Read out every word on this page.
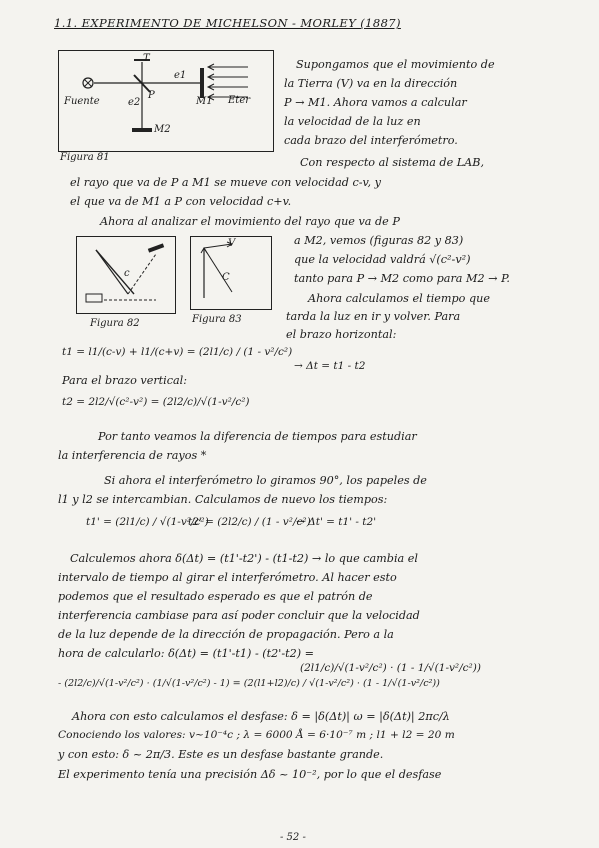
1.1. EXPERIMENTO DE MICHELSON - MORLEY (1887)
T
P
e1
e2	M1
M2
Fuente	Eter
Figura 81
Supongamos que el movimiento de
la Tierra (V) va en la dirección
P → M1. Ahora vamos a calcular
la velocidad de la luz en
cada brazo del interferómetro.
Con respecto al sistema de LAB,
el rayo que va de P a M1 se mueve con velocidad c-v, y
el que va de M1 a P con velocidad c+v.
Ahora al analizar el movimiento del rayo que va de P
c
Figura 82
V
C
Figura 83
a M2, vemos (figuras 82 y 83)
que la velocidad valdrá √(c²-v²)
tanto para P → M2 como para M2 → P.
Ahora calculamos el tiempo que
tarda la luz en ir y volver. Para
el brazo horizontal:
t1 = l1/(c-v) + l1/(c+v) = (2l1/c) / (1 - v²/c²)
→ Δt = t1 - t2
Para el brazo vertical:
t2 = 2l2/√(c²-v²) = (2l2/c)/√(1-v²/c²)
Por tanto veamos la diferencia de tiempos para estudiar
la interferencia de rayos *
Si ahora el interferómetro lo giramos 90°, los papeles de
l1 y l2 se intercambian. Calculamos de nuevo los tiempos:
t1' = (2l1/c) / √(1-v²/c²)
t2' = (2l2/c) / (1 - v²/c²)
→ Δt' = t1' - t2'
Calculemos ahora δ(Δt) = (t1'-t2') - (t1-t2) → lo que cambia el
intervalo de tiempo al girar el interferómetro. Al hacer esto
podemos que el resultado esperado es que el patrón de
interferencia cambiase para así poder concluir que la velocidad
de la luz depende de la dirección de propagación. Pero a la
hora de calcularlo: δ(Δt) = (t1'-t1) - (t2'-t2) =
(2l1/c)/√(1-v²/c²) · (1 - 1/√(1-v²/c²))
- (2l2/c)/√(1-v²/c²) · (1/√(1-v²/c²) - 1) = (2(l1+l2)/c) / √(1-v²/c²) · (1 - 1/√(1-v²/c²))
Ahora con esto calculamos el desfase: δ = |δ(Δt)| ω = |δ(Δt)| 2πc/λ
Conociendo los valores: v~10⁻⁴c ; λ = 6000 Å = 6·10⁻⁷ m ; l1 + l2 = 20 m
y con esto: δ ~ 2π/3. Este es un desfase bastante grande.
El experimento tenía una precisión Δδ ~ 10⁻², por lo que el desfase
- 52 -
